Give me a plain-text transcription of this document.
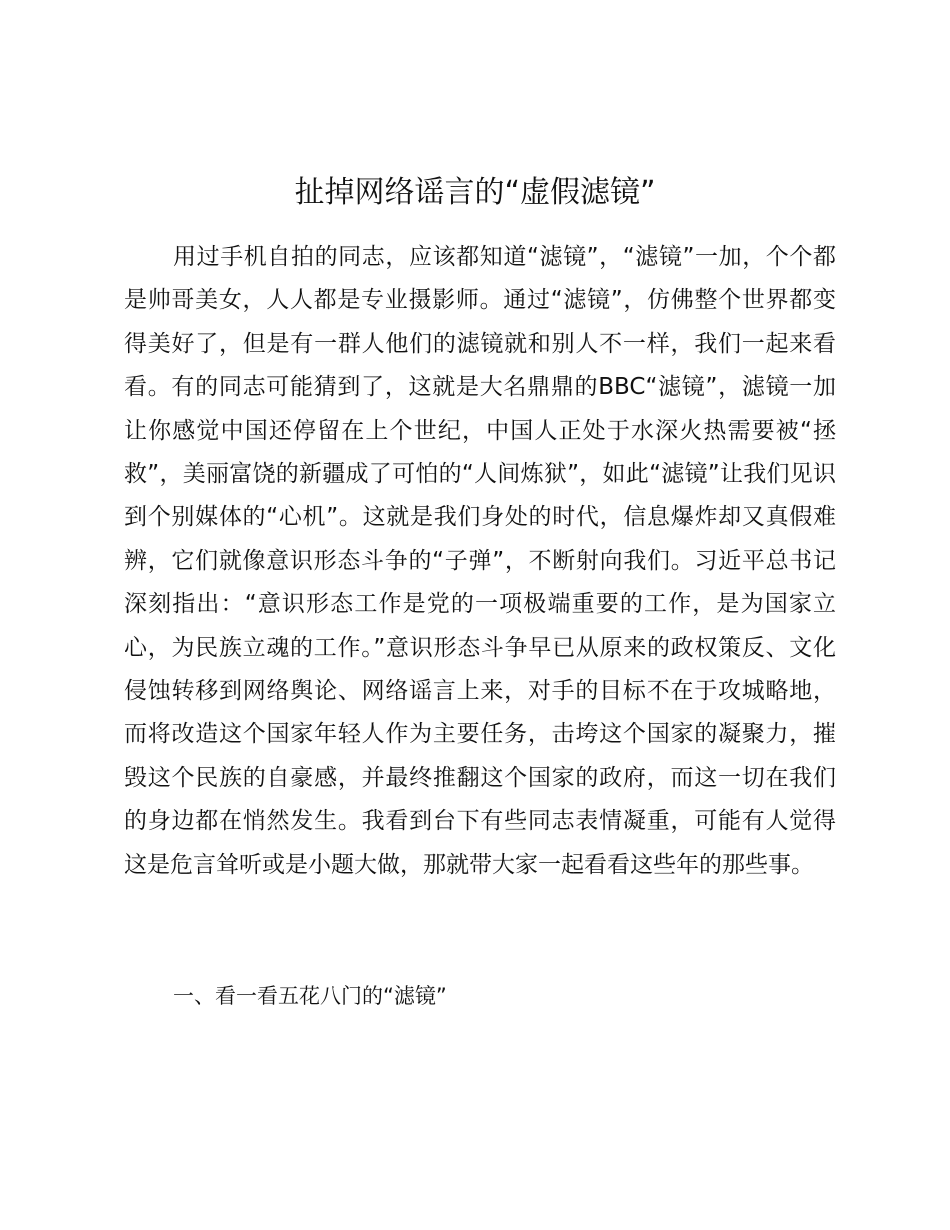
扯掉网络谣言的“虚假滤镜”

用过手机自拍的同志，应该都知道“滤镜”，“滤镜”一加，个个都是帅哥美女，人人都是专业摄影师。通过“滤镜”，仿佛整个世界都变得美好了，但是有一群人他们的滤镜就和别人不一样，我们一起来看看。有的同志可能猜到了，这就是大名鼎鼎的BBC“滤镜”，滤镜一加让你感觉中国还停留在上个世纪，中国人正处于水深火热需要被“拯救”，美丽富饶的新疆成了可怕的“人间炼狱”，如此“滤镜”让我们见识到个别媒体的“心机”。这就是我们身处的时代，信息爆炸却又真假难辨，它们就像意识形态斗争的“子弹”，不断射向我们。习近平总书记深刻指出：“意识形态工作是党的一项极端重要的工作，是为国家立心，为民族立魂的工作。”意识形态斗争早已从原来的政权策反、文化侵蚀转移到网络舆论、网络谣言上来，对手的目标不在于攻城略地，而将改造这个国家年轻人作为主要任务，击垮这个国家的凝聚力，摧毁这个民族的自豪感，并最终推翻这个国家的政府，而这一切在我们的身边都在悄然发生。我看到台下有些同志表情凝重，可能有人觉得这是危言耸听或是小题大做，那就带大家一起看看这些年的那些事。

一、看一看五花八门的“滤镜”
